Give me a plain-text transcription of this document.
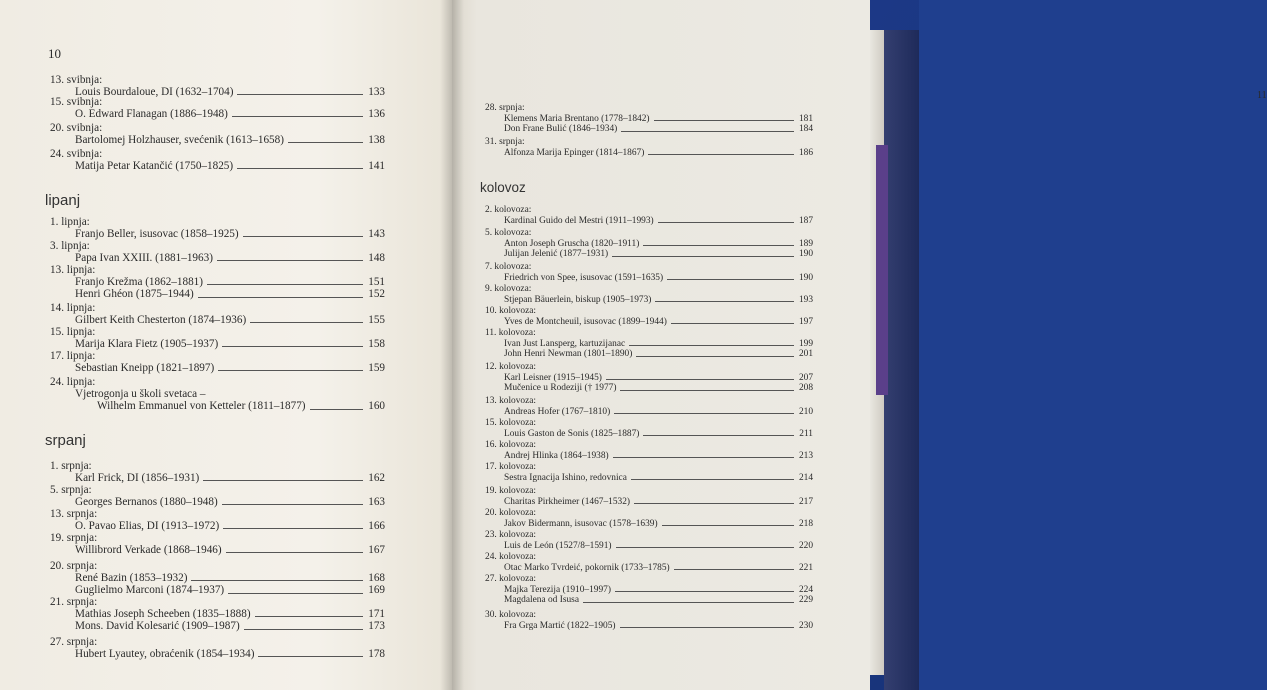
10
13. svibnja:
Louis Bourdaloue, DI (1632–1704)	133
15. svibnja:
O. Edward Flanagan (1886–1948)	136
20. svibnja:
Bartolomej Holzhauser, svećenik (1613–1658)	138
24. svibnja:
Matija Petar Katančić (1750–1825)	141
lipanj
1. lipnja:
Franjo Beller, isusovac (1858–1925)	143
3. lipnja:
Papa Ivan XXIII. (1881–1963)	148
13. lipnja:
Franjo Krežma (1862–1881)	151
Henri Ghéon (1875–1944)	152
14. lipnja:
Gilbert Keith Chesterton (1874–1936)	155
15. lipnja:
Marija Klara Fietz (1905–1937)	158
17. lipnja:
Sebastian Kneipp (1821–1897)	159
24. lipnja:
Vjetrogonja u školi svetaca –
Wilhelm Emmanuel von Ketteler (1811–1877)	160
srpanj
1. srpnja:
Karl Frick, DI (1856–1931)	162
5. srpnja:
Georges Bernanos (1880–1948)	163
13. srpnja:
O. Pavao Elias, DI (1913–1972)	166
19. srpnja:
Willibrord Verkade (1868–1946)	167
20. srpnja:
René Bazin (1853–1932)	168
Guglielmo Marconi (1874–1937)	169
21. srpnja:
Mathias Joseph Scheeben (1835–1888)	171
Mons. David Kolesarić (1909–1987)	173
27. srpnja:
Hubert Lyautey, obraćenik (1854–1934)	178
11
28. srpnja:
Klemens Maria Brentano (1778–1842)	181
Don Frane Bulić (1846–1934)	184
31. srpnja:
Alfonza Marija Epinger (1814–1867)	186
kolovoz
2. kolovoza:
Kardinal Guido del Mestri (1911–1993)	187
5. kolovoza:
Anton Joseph Gruscha (1820–1911)	189
Julijan Jelenić (1877–1931)	190
7. kolovoza:
Friedrich von Spee, isusovac (1591–1635)	190
9. kolovoza:
Stjepan Bäuerlein, biskup (1905–1973)	193
10. kolovoza:
Yves de Montcheuil, isusovac (1899–1944)	197
11. kolovoza:
Ivan Just Lansperg, kartuzijanac	199
John Henri Newman (1801–1890)	201
12. kolovoza:
Karl Leisner (1915–1945)	207
Mučenice u Rodeziji († 1977)	208
13. kolovoza:
Andreas Hofer (1767–1810)	210
15. kolovoza:
Louis Gaston de Sonis (1825–1887)	211
16. kolovoza:
Andrej Hlinka (1864–1938)	213
17. kolovoza:
Sestra Ignacija Ishino, redovnica	214
19. kolovoza:
Charitas Pirkheimer (1467–1532)	217
20. kolovoza:
Jakov Bidermann, isusovac (1578–1639)	218
23. kolovoza:
Luis de León (1527/8–1591)	220
24. kolovoza:
Otac Marko Tvrdeić, pokornik (1733–1785)	221
27. kolovoza:
Majka Terezija (1910–1997)	224
Magdalena od Isusa	229
30. kolovoza:
Fra Grga Martić (1822–1905)	230
